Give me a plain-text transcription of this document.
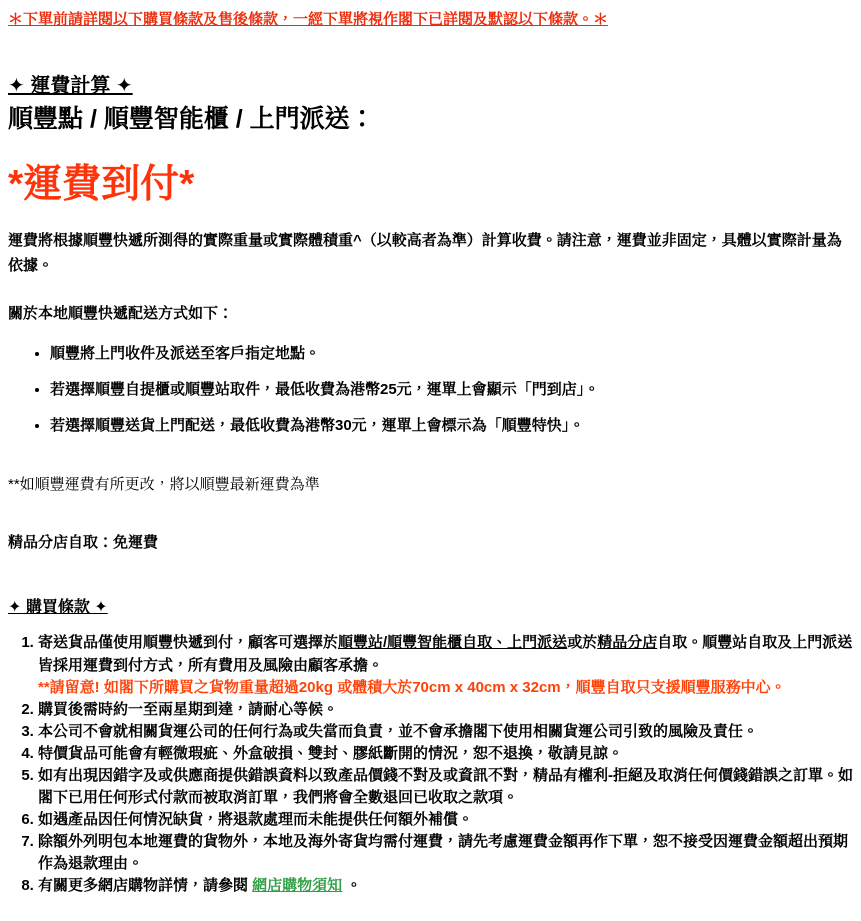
＊下單前請詳閱以下購買條款及售後條款，一經下單將視作閣下已詳閱及默認以下條款。＊

✦ 運費計算 ✦
順豐點 / 順豐智能櫃 / 上門派送：
*運費到付*

運費將根據順豐快遞所測得的實際重量或實際體積重^（以較高者為準）計算收費。請注意，運費並非固定，具體以實際計量為依據。

關於本地順豐快遞配送方式如下：

• 順豐將上門收件及派送至客戶指定地點。
• 若選擇順豐自提櫃或順豐站取件，最低收費為港幣25元，運單上會顯示「門到店」。
• 若選擇順豐送貨上門配送，最低收費為港幣30元，運單上會標示為「順豐特快」。

**如順豐運費有所更改，將以順豐最新運費為準

精品分店自取：免運費

✦ 購買條款 ✦
1. 寄送貨品僅使用順豐快遞到付，顧客可選擇於順豐站/順豐智能櫃自取、上門派送或於精品分店自取。順豐站自取及上門派送皆採用運費到付方式，所有費用及風險由顧客承擔。
**請留意! 如閣下所購買之貨物重量超過20kg 或體積大於70cm x 40cm x 32cm，順豐自取只支援順豐服務中心。
2. 購買後需時約一至兩星期到達，請耐心等候。
3. 本公司不會就相關貨運公司的任何行為或失當而負責，並不會承擔閣下使用相關貨運公司引致的風險及責任。
4. 特價貨品可能會有輕微瑕疵、外盒破損、雙封、膠紙斷開的情況，恕不退換，敬請見諒。
5. 如有出現因錯字及或供應商提供錯誤資料以致產品價錢不對及或資訊不對，精品有權利-拒絕及取消任何價錢錯誤之訂單。如閣下已用任何形式付款而被取消訂單，我們將會全數退回已收取之款項。
6. 如遇產品因任何情況缺貨，將退款處理而未能提供任何額外補償。
7. 除額外列明包本地運費的貨物外，本地及海外寄貨均需付運費，請先考慮運費金額再作下單，恕不接受因運費金額超出預期作為退款理由。
8. 有關更多網店購物詳情，請參閱 網店購物須知 。
